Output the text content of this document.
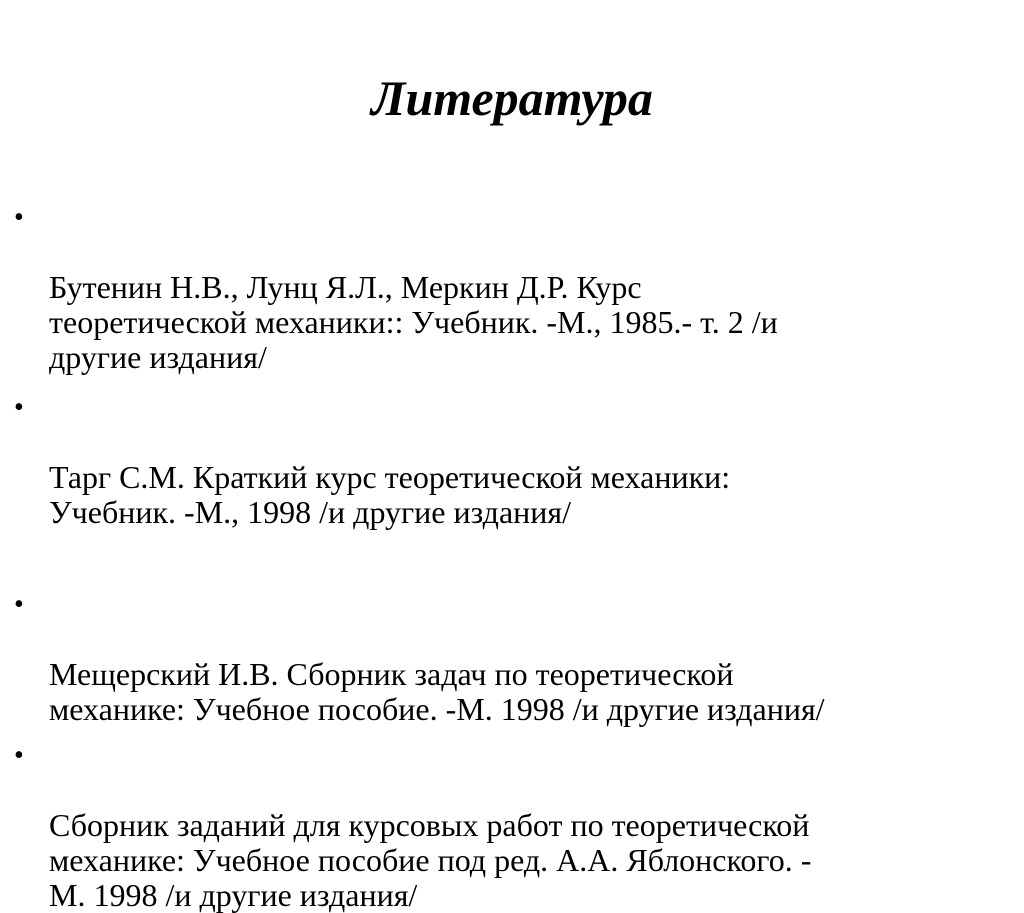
Литература

•

Бутенин Н.В., Лунц Я.Л., Меркин Д.Р. Курс
теоретической механики:: Учебник. -М., 1985.- т. 2 /и
другие издания/

•

Тарг С.М. Краткий курс теоретической механики:
Учебник. -М., 1998 /и другие издания/

•

Мещерский И.В. Сборник задач по теоретической
механике: Учебное пособие. -М. 1998 /и другие издания/

•

Сборник заданий для курсовых работ по теоретической
механике: Учебное пособие под ред. А.А. Яблонского. -
М. 1998 /и другие издания/
